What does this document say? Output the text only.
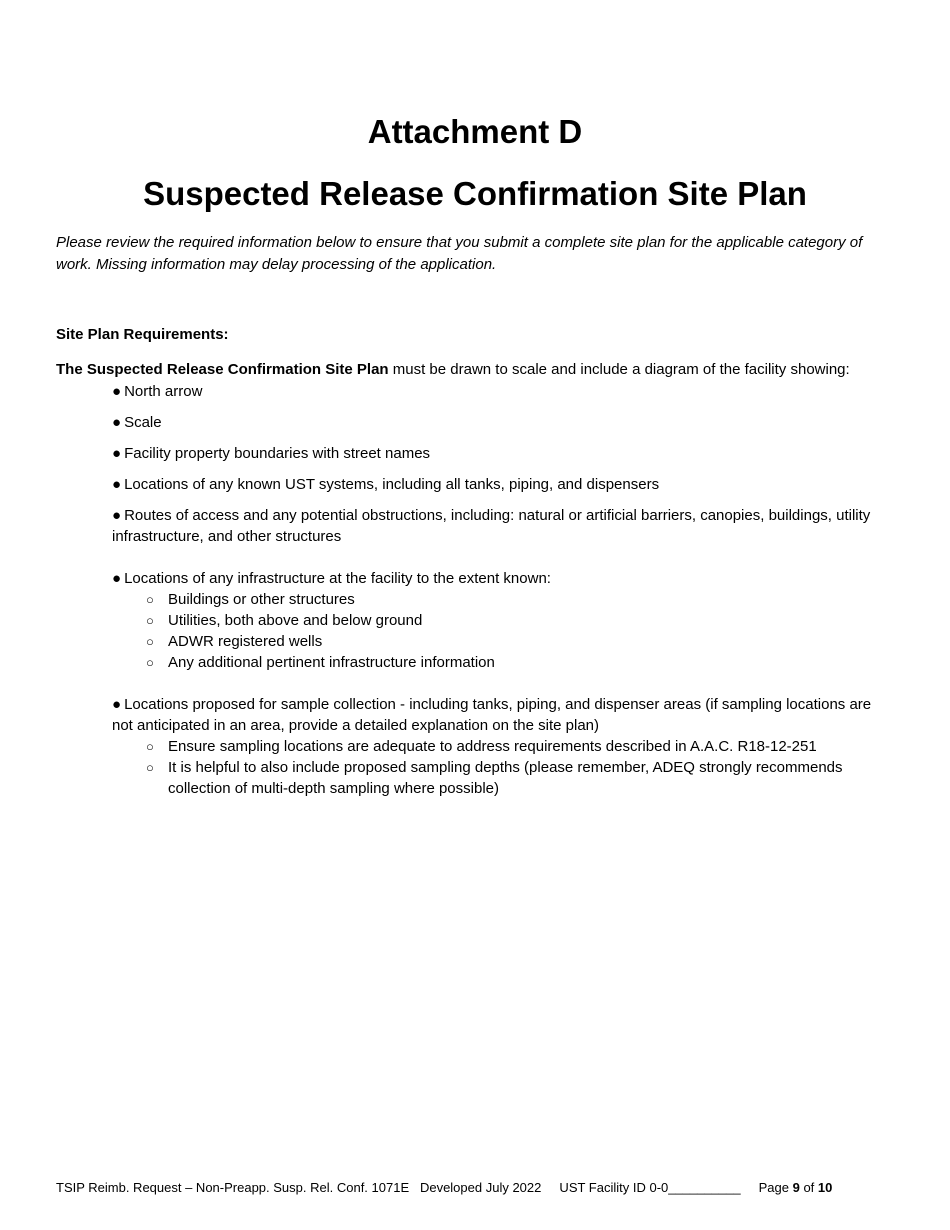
Attachment D
Suspected Release Confirmation Site Plan

Please review the required information below to ensure that you submit a complete site plan for the applicable category of work. Missing information may delay processing of the application.

Site Plan Requirements:

The Suspected Release Confirmation Site Plan must be drawn to scale and include a diagram of the facility showing:

● North arrow
● Scale
● Facility property boundaries with street names
● Locations of any known UST systems, including all tanks, piping, and dispensers
● Routes of access and any potential obstructions, including: natural or artificial barriers, canopies, buildings, utility infrastructure, and other structures
● Locations of any infrastructure at the facility to the extent known:
○ Buildings or other structures
○ Utilities, both above and below ground
○ ADWR registered wells
○ Any additional pertinent infrastructure information
● Locations proposed for sample collection - including tanks, piping, and dispenser areas (if sampling locations are not anticipated in an area, provide a detailed explanation on the site plan)
○ Ensure sampling locations are adequate to address requirements described in A.A.C. R18-12-251
○ It is helpful to also include proposed sampling depths (please remember, ADEQ strongly recommends collection of multi-depth sampling where possible)
TSIP Reimb. Request – Non-Preapp. Susp. Rel. Conf. 1071E   Developed July 2022     UST Facility ID 0-0__________     Page 9 of 10
